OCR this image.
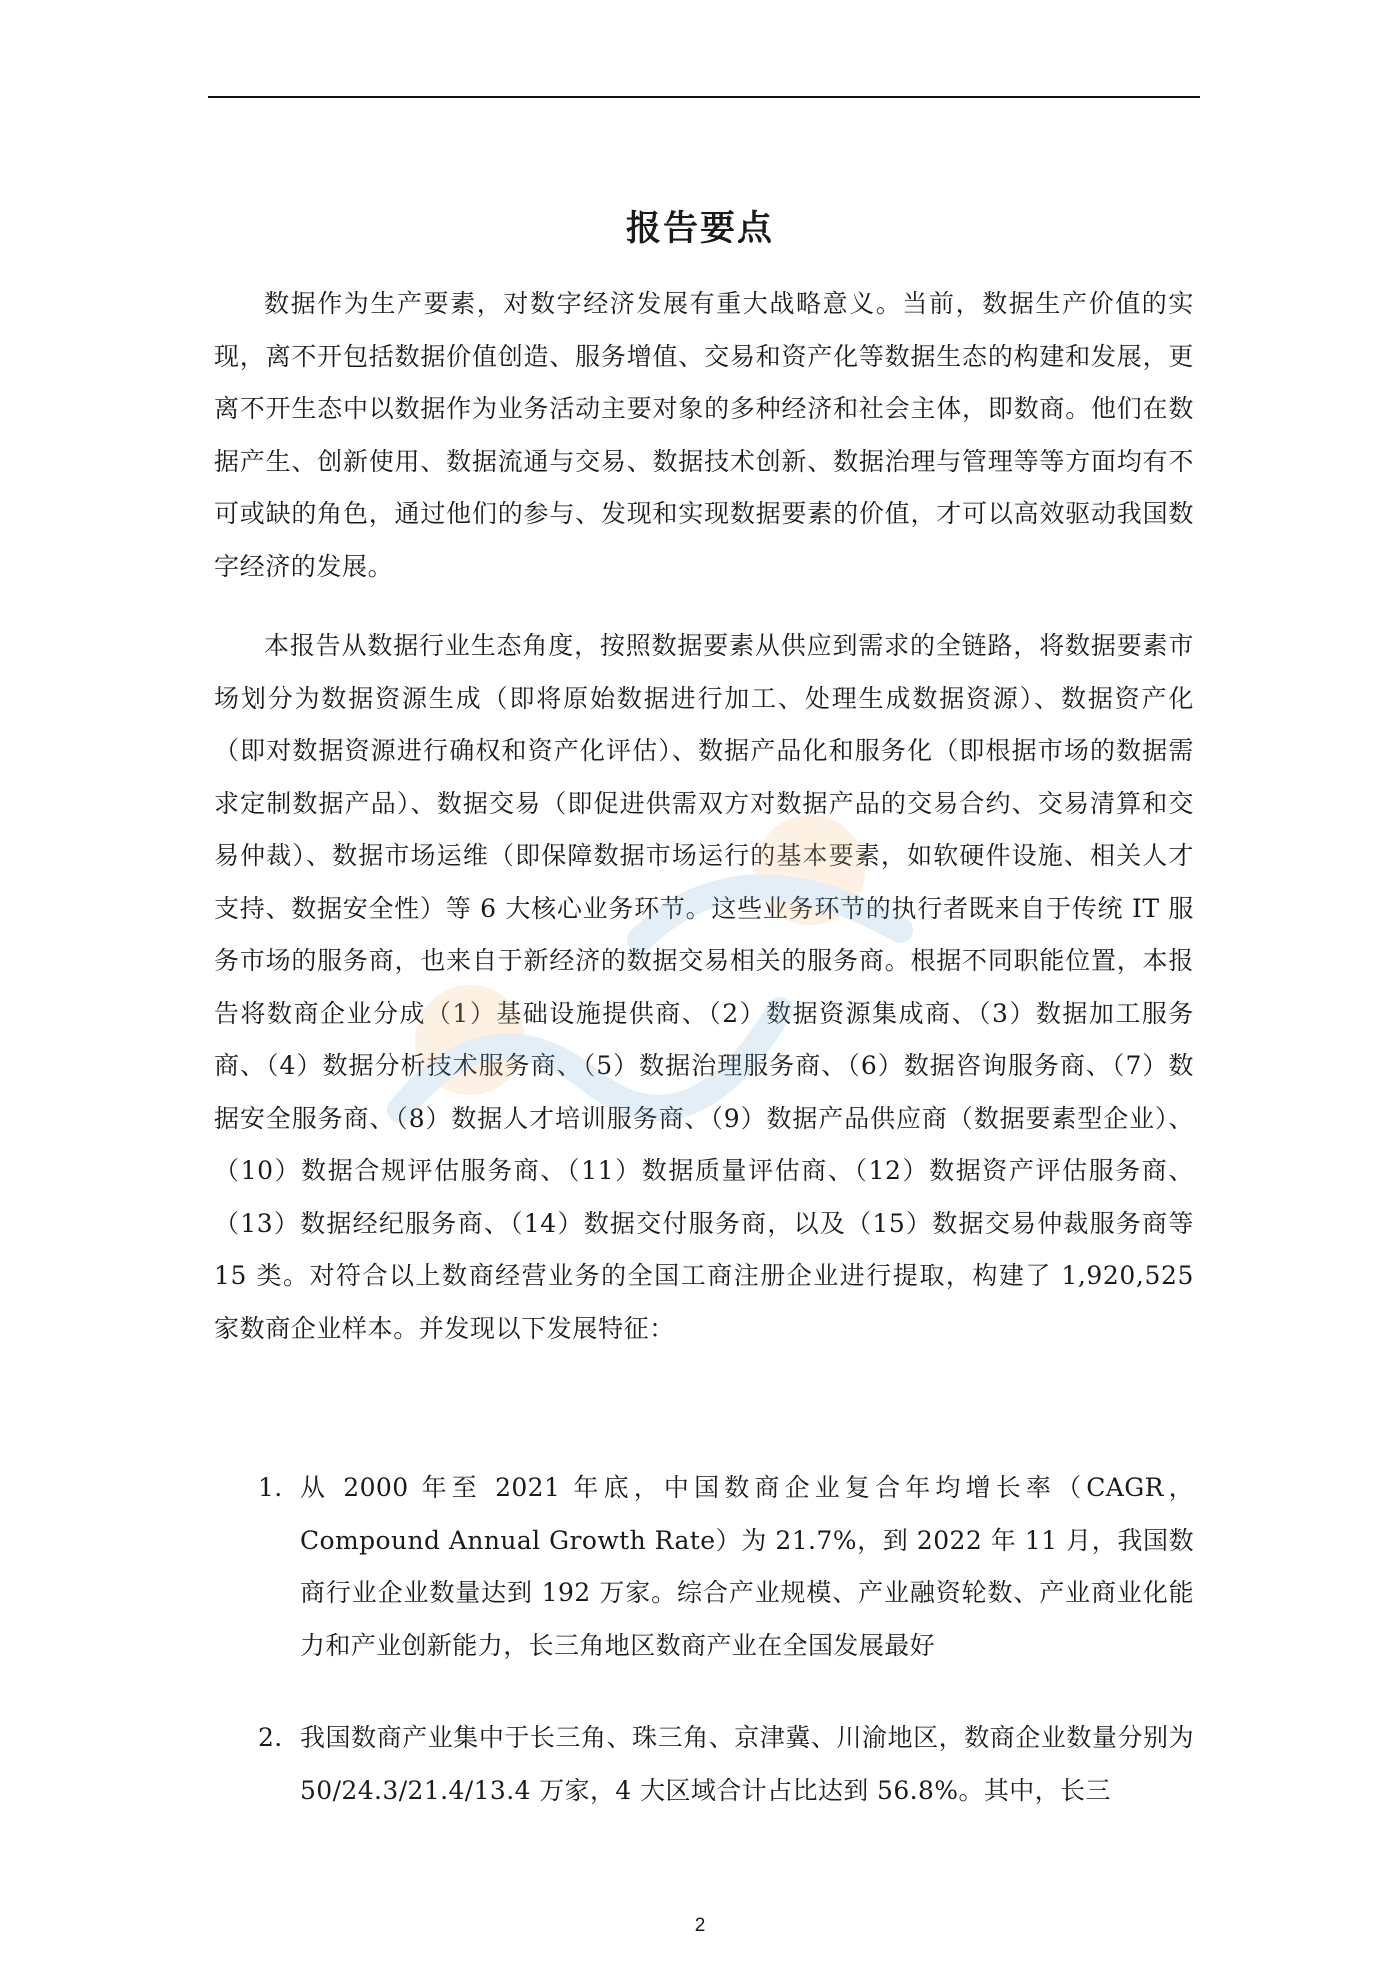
报告要点

数据作为生产要素，对数字经济发展有重大战略意义。当前，数据生产价值的实现，离不开包括数据价值创造、服务增值、交易和资产化等数据生态的构建和发展，更离不开生态中以数据作为业务活动主要对象的多种经济和社会主体，即数商。他们在数据产生、创新使用、数据流通与交易、数据技术创新、数据治理与管理等等方面均有不可或缺的角色，通过他们的参与、发现和实现数据要素的价值，才可以高效驱动我国数字经济的发展。

本报告从数据行业生态角度，按照数据要素从供应到需求的全链路，将数据要素市场划分为数据资源生成（即将原始数据进行加工、处理生成数据资源）、数据资产化（即对数据资源进行确权和资产化评估）、数据产品化和服务化（即根据市场的数据需求定制数据产品）、数据交易（即促进供需双方对数据产品的交易合约、交易清算和交易仲裁）、数据市场运维（即保障数据市场运行的基本要素，如软硬件设施、相关人才支持、数据安全性）等 6 大核心业务环节。这些业务环节的执行者既来自于传统 IT 服务市场的服务商，也来自于新经济的数据交易相关的服务商。根据不同职能位置，本报告将数商企业分成（1）基础设施提供商、（2）数据资源集成商、（3）数据加工服务商、（4）数据分析技术服务商、（5）数据治理服务商、（6）数据咨询服务商、（7）数据安全服务商、（8）数据人才培训服务商、（9）数据产品供应商（数据要素型企业）、（10）数据合规评估服务商、（11）数据质量评估商、（12）数据资产评估服务商、（13）数据经纪服务商、（14）数据交付服务商，以及（15）数据交易仲裁服务商等 15 类。对符合以上数商经营业务的全国工商注册企业进行提取，构建了 1,920,525 家数商企业样本。并发现以下发展特征：

1. 从 2000 年至 2021 年底，中国数商企业复合年均增长率（CAGR，Compound Annual Growth Rate）为 21.7%，到 2022 年 11 月，我国数商行业企业数量达到 192 万家。综合产业规模、产业融资轮数、产业商业化能力和产业创新能力，长三角地区数商产业在全国发展最好
2. 我国数商产业集中于长三角、珠三角、京津冀、川渝地区，数商企业数量分别为 50/24.3/21.4/13.4 万家，4 大区域合计占比达到 56.8%。其中，长三
2
